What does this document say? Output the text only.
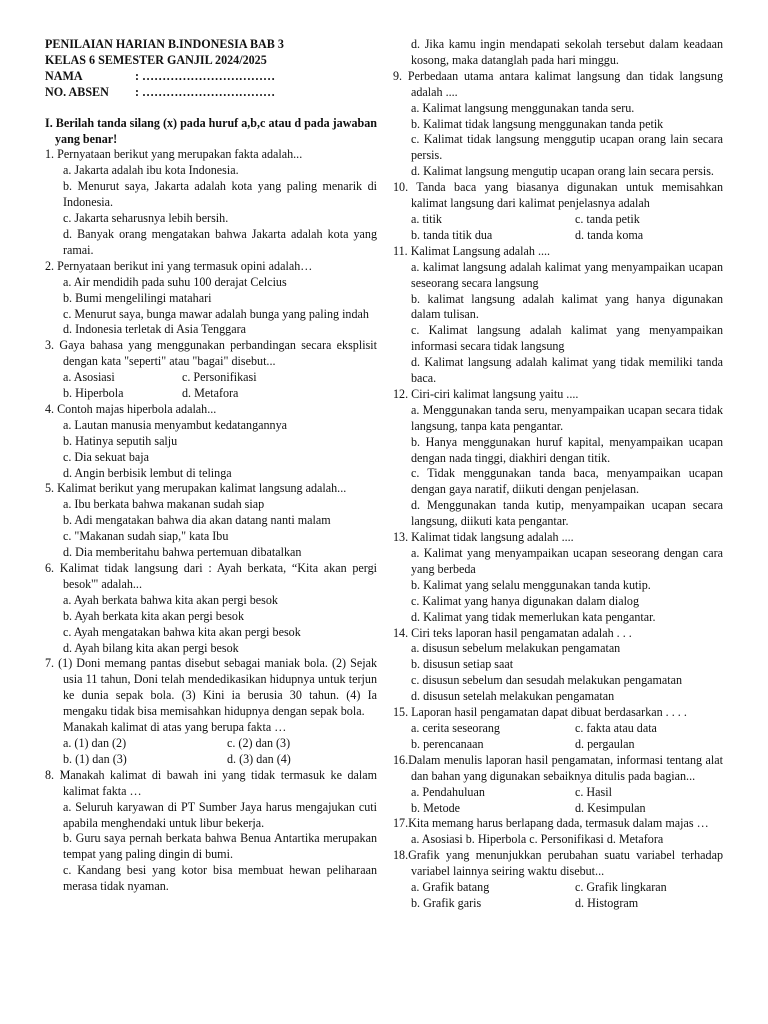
PENILAIAN HARIAN B.INDONESIA BAB 3
KELAS 6 SEMESTER GANJIL 2024/2025
NAMA	: ……………………………
NO. ABSEN	: ……………………………
I. Berilah tanda silang (x) pada huruf a,b,c atau d pada jawaban yang benar!
1. Pernyataan berikut yang merupakan fakta adalah...
a. Jakarta adalah ibu kota Indonesia.
b. Menurut saya, Jakarta adalah kota yang paling menarik di Indonesia.
c. Jakarta seharusnya lebih bersih.
d. Banyak orang mengatakan bahwa Jakarta adalah kota yang ramai.
2. Pernyataan berikut ini yang termasuk opini adalah…
a. Air mendidih pada suhu 100 derajat Celcius
b. Bumi mengelilingi matahari
c. Menurut saya, bunga mawar adalah bunga yang paling indah
d. Indonesia terletak di Asia Tenggara
3. Gaya bahasa yang menggunakan perbandingan secara eksplisit dengan kata "seperti" atau "bagai" disebut...
a. Asosiasi	c. Personifikasi
b. Hiperbola	d. Metafora
4. Contoh majas hiperbola adalah...
a. Lautan manusia menyambut kedatangannya
b. Hatinya seputih salju
c. Dia sekuat baja
d. Angin berbisik lembut di telinga
5. Kalimat berikut yang merupakan kalimat langsung adalah...
a. Ibu berkata bahwa makanan sudah siap
b. Adi mengatakan bahwa dia akan datang nanti malam
c. "Makanan sudah siap," kata Ibu
d. Dia memberitahu bahwa pertemuan dibatalkan
6. Kalimat tidak langsung dari : Ayah berkata, “Kita akan pergi besok'" adalah...
a. Ayah berkata bahwa kita akan pergi besok
b. Ayah berkata kita akan pergi besok
c. Ayah mengatakan bahwa kita akan pergi besok
d. Ayah bilang kita akan pergi besok
7. (1) Doni memang pantas disebut sebagai maniak bola. (2) Sejak usia 11 tahun, Doni telah mendedikasikan hidupnya untuk terjun ke dunia sepak bola. (3) Kini ia berusia 30 tahun. (4) Ia mengaku tidak bisa memisahkan hidupnya dengan sepak bola.
Manakah kalimat di atas yang berupa fakta …
a. (1) dan (2)	c. (2) dan (3)
b. (1) dan (3)	d. (3) dan (4)
8. Manakah kalimat di bawah ini yang tidak termasuk ke dalam kalimat fakta …
a. Seluruh karyawan di PT Sumber Jaya harus mengajukan cuti apabila menghendaki untuk libur bekerja.
b. Guru saya pernah berkata bahwa Benua Antartika merupakan tempat yang paling dingin di bumi.
c. Kandang besi yang kotor bisa membuat hewan peliharaan merasa tidak nyaman.
d. Jika kamu ingin mendapati sekolah tersebut dalam keadaan kosong, maka datanglah pada hari minggu.
9. Perbedaan utama antara kalimat langsung dan tidak langsung adalah ....
a. Kalimat langsung menggunakan tanda seru.
b. Kalimat tidak langsung menggunakan tanda petik
c. Kalimat tidak langsung menggutip ucapan orang lain secara persis.
d. Kalimat langsung mengutip ucapan orang lain secara persis.
10. Tanda baca yang biasanya digunakan untuk memisahkan kalimat langsung dari kalimat penjelasnya adalah
a. titik	c. tanda petik
b. tanda titik dua	d. tanda koma
11. Kalimat Langsung adalah ....
a. kalimat langsung adalah kalimat yang menyampaikan ucapan seseorang secara langsung
b. kalimat langsung adalah kalimat yang hanya digunakan dalam tulisan.
c. Kalimat langsung adalah kalimat yang menyampaikan informasi secara tidak langsung
d. Kalimat langsung adalah kalimat yang tidak memiliki tanda baca.
12. Ciri-ciri kalimat langsung yaitu ....
a. Menggunakan tanda seru, menyampaikan ucapan secara tidak langsung, tanpa kata pengantar.
b. Hanya menggunakan huruf kapital, menyampaikan ucapan dengan nada tinggi, diakhiri dengan titik.
c. Tidak menggunakan tanda baca, menyampaikan ucapan dengan gaya naratif, diikuti dengan penjelasan.
d. Menggunakan tanda kutip, menyampaikan ucapan secara langsung, diikuti kata pengantar.
13. Kalimat tidak langsung adalah ....
a. Kalimat yang menyampaikan ucapan seseorang dengan cara yang berbeda
b. Kalimat yang selalu menggunakan tanda kutip.
c. Kalimat yang hanya digunakan dalam dialog
d. Kalimat yang tidak memerlukan kata pengantar.
14. Ciri teks laporan hasil pengamatan adalah . . .
a. disusun sebelum melakukan pengamatan
b. disusun setiap saat
c. disusun sebelum dan sesudah melakukan pengamatan
d. disusun setelah melakukan pengamatan
15. Laporan hasil pengamatan dapat dibuat berdasarkan . . . .
a. cerita seseorang	c. fakta atau data
b. perencanaan	d. pergaulan
16.Dalam menulis laporan hasil pengamatan, informasi tentang alat dan bahan yang digunakan sebaiknya ditulis pada bagian...
a. Pendahuluan	c. Hasil
b. Metode	d. Kesimpulan
17.Kita memang harus berlapang dada, termasuk dalam majas …
a. Asosiasi b. Hiperbola c. Personifikasi d. Metafora
18.Grafik yang menunjukkan perubahan suatu variabel terhadap variabel lainnya seiring waktu disebut...
a. Grafik batang	c. Grafik lingkaran
b. Grafik garis	d. Histogram
